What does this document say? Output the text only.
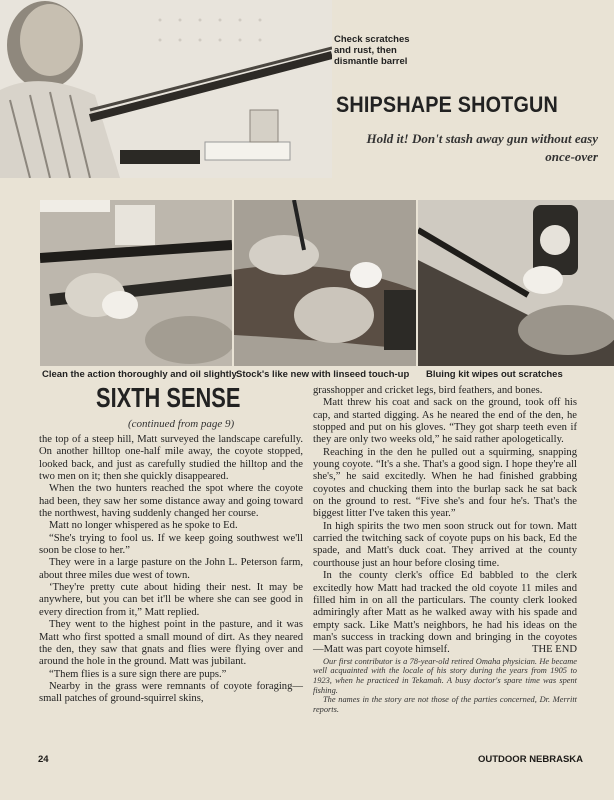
Check scratches
and rust, then
dismantle barrel
SHIPSHAPE SHOTGUN
Hold it! Don't stash away gun without easy once-over
Clean the action thoroughly and oil slightly Stock's like new with linseed touch-up Bluing kit wipes out scratches
SIXTH SENSE
(continued from page 9)

the top of a steep hill, Matt surveyed the landscape carefully. On another hilltop one-half mile away, the coyote stopped, looked back, and just as carefully studied the hilltop and the two men on it; then she quickly disappeared.

When the two hunters reached the spot where the coyote had been, they saw her some distance away and going toward the northwest, having suddenly changed her course.

Matt no longer whispered as he spoke to Ed.

“She's trying to fool us. If we keep going southwest we'll soon be close to her.”

They were in a large pasture on the John L. Peterson farm, about three miles due west of town.

‘They're pretty cute about hiding their nest. It may be anywhere, but you can bet it'll be where she can see good in every direction from it,” Matt replied.

They went to the highest point in the pasture, and it was Matt who first spotted a small mound of dirt. As they neared the den, they saw that gnats and flies were flying over and around the hole in the ground. Matt was jubilant.

“Them flies is a sure sign there are pups.”

Nearby in the grass were remnants of coyote foraging—small patches of ground-squirrel skins,

grasshopper and cricket legs, bird feathers, and bones.

Matt threw his coat and sack on the ground, took off his cap, and started digging. As he neared the end of the den, he stopped and put on his gloves. “They got sharp teeth even if they are only two weeks old,” he said rather apologetically.

Reaching in the den he pulled out a squirming, snapping young coyote. “It's a she. That's a good sign. I hope they're all she's,” he said excitedly. When he had finished grabbing coyotes and chucking them into the burlap sack he sat back on the ground to rest. “Five she's and four he's. That's the biggest litter I've taken this year.”

In high spirits the two men soon struck out for town. Matt carried the twitching sack of coyote pups on his back, Ed the spade, and Matt's duck coat. They arrived at the county courthouse just an hour before closing time.

In the county clerk's office Ed babbled to the clerk excitedly how Matt had tracked the old coyote 11 miles and filled him in on all the particulars. The county clerk looked admiringly after Matt as he walked away with his spade and empty sack. Like Matt's neighbors, he had his ideas on the man's success in tracking down and bringing in the coyotes —Matt was part coyote himself.	THE END

Our first contributor is a 78-year-old retired Omaha physician. He became well acquainted with the locale of his story during the years from 1905 to 1923, when he practiced in Tekamah. A busy doctor's spare time was spent fishing.

The names in the story are not those of the parties concerned, Dr. Merritt reports.

24	OUTDOOR NEBRASKA
